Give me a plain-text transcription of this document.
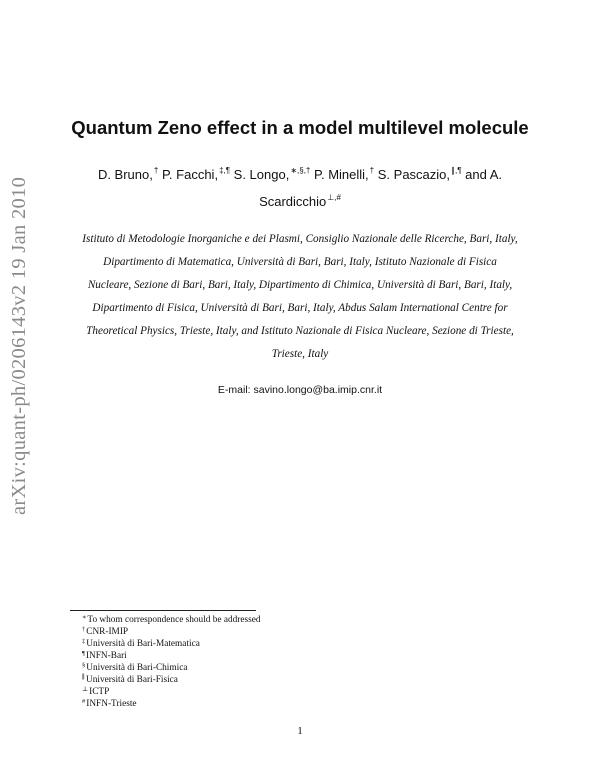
arXiv:quant-ph/0206143v2 19 Jan 2010
Quantum Zeno effect in a model multilevel molecule
D. Bruno,† P. Facchi,‡,¶ S. Longo,∗,§,† P. Minelli,† S. Pascazio,∥,¶ and A.
Scardicchio⊥,#
Istituto di Metodologie Inorganiche e dei Plasmi, Consiglio Nazionale delle Ricerche, Bari, Italy,
Dipartimento di Matematica, Università di Bari, Bari, Italy, Istituto Nazionale di Fisica
Nucleare, Sezione di Bari, Bari, Italy, Dipartimento di Chimica, Università di Bari, Bari, Italy,
Dipartimento di Fisica, Università di Bari, Bari, Italy, Abdus Salam International Centre for
Theoretical Physics, Trieste, Italy, and Istituto Nazionale di Fisica Nucleare, Sezione di Trieste,
Trieste, Italy
E-mail: savino.longo@ba.imip.cnr.it
∗To whom correspondence should be addressed
†CNR-IMIP
‡Università di Bari-Matematica
¶INFN-Bari
§Università di Bari-Chimica
∥Università di Bari-Fisica
⊥ICTP
#INFN-Trieste
1
